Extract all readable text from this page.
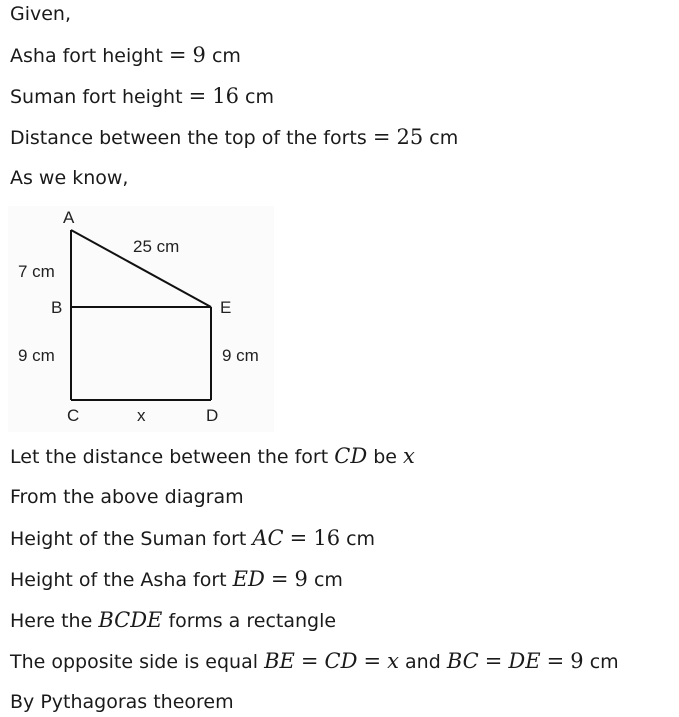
Given,
Asha fort height = 9 cm
Suman fort height = 16 cm
Distance between the top of the forts = 25 cm
As we know,
A
B
C	D
E
25 cm
7 cm
9 cm	9 cm
x
Let the distance between the fort CD be x
From the above diagram
Height of the Suman fort AC = 16 cm
Height of the Asha fort ED = 9 cm
Here the BCDE forms a rectangle
The opposite side is equal BE = CD = x and BC = DE = 9 cm
By Pythagoras theorem
